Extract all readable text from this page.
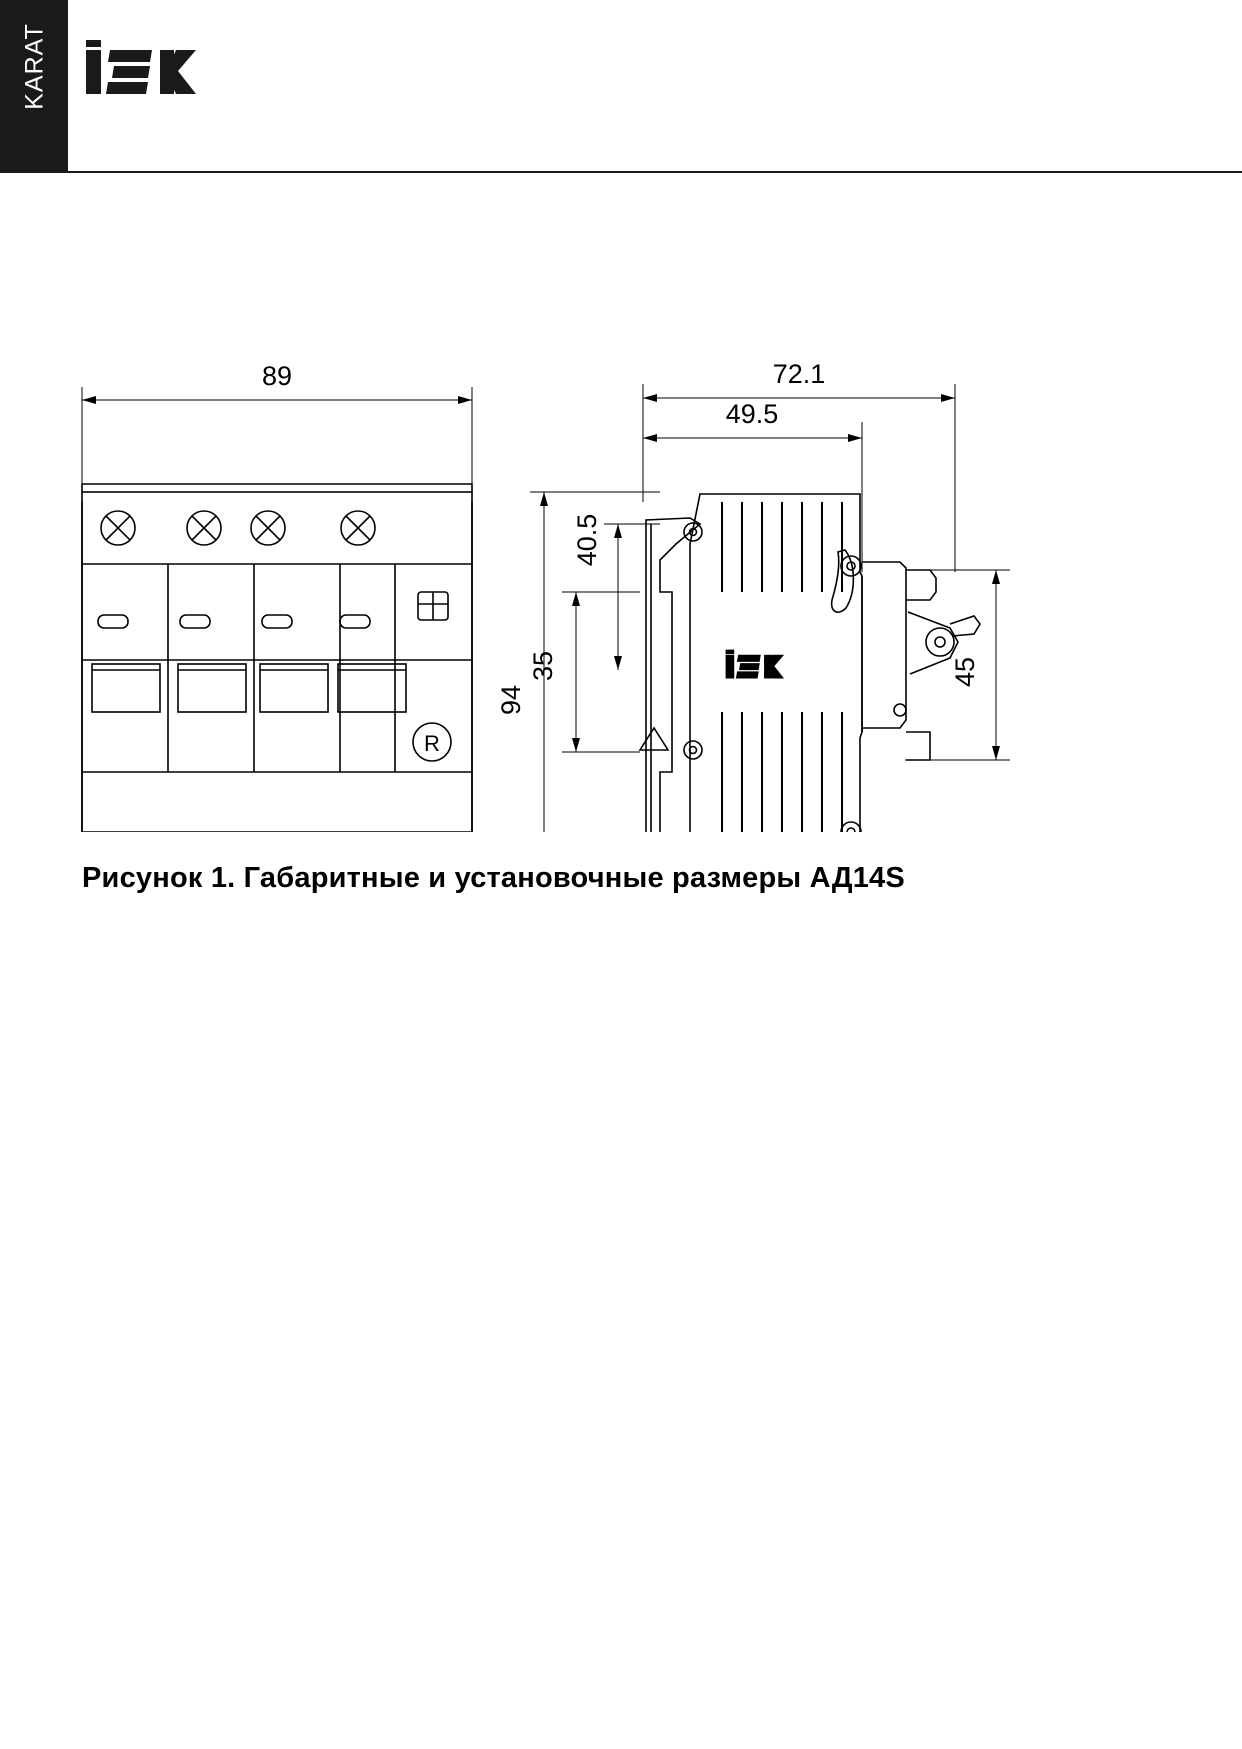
KARAT
R
89	72.1
49.5
94
40.5
35	45
Рисунок 1. Габаритные и установочные размеры АД14S
